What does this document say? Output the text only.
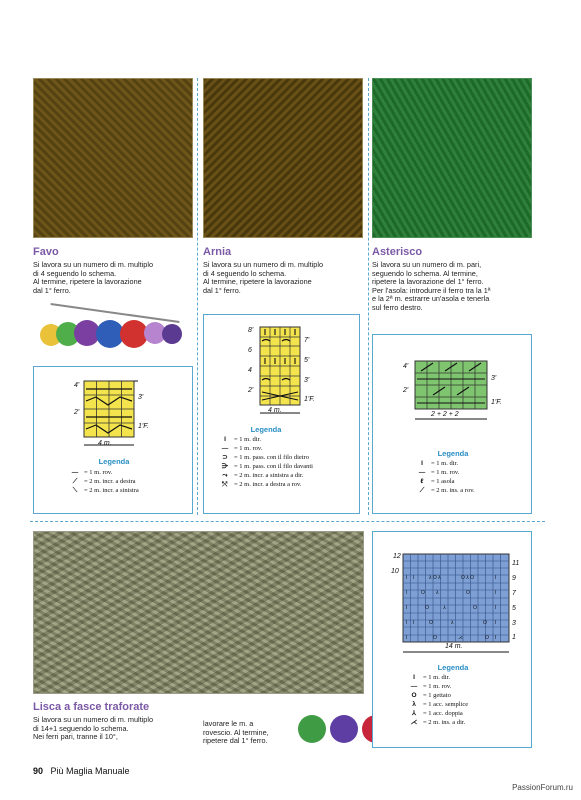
Favo
Si lavora su un numero di m. multiplo
di 4 seguendo lo schema.
Al termine, ripetere la lavorazione
dal 1° ferro.
4'
3'
2'
1'F.
4 m.
Legenda
— = 1 m. rov.
⟋ = 2 m. incr. a destra
⟍ = 2 m. incr. a sinistra
Arnia
Si lavora su un numero di m. multiplo
di 4 seguendo lo schema.
Al termine, ripetere la lavorazione
dal 1° ferro.
8'
7'
6
5'
4
3'
2'
1'F.
4 m.
Legenda
I = 1 m. dir.
— = 1 m. rov.
⊃ = 1 m. pass. con il filo dietro
⋺ = 1 m. pass. con il filo davanti
⤳ = 2 m. incr. a sinistra a dir.
⤲ = 2 m. incr. a destra a rov.
Asterisco
Si lavora su un numero di m. pari,
seguendo lo schema. Al termine,
ripetere la lavorazione del 1° ferro.
Per l'asola: introdurre il ferro tra la 1ª
e la 2ª m. estrarre un'asola e tenerla
sul ferro destro.
4'
3'
2'
1'F.
2 + 2 + 2
Legenda
I = 1 m. dir.
— = 1 m. rov.
ℓ = 1 asola
⟋ = 2 m. ins. a rov.
Lisca a fasce traforate
Si lavora su un numero di m. multiplo
di 14+1 seguendo lo schema.
Nei ferri pari, tranne il 10°,
lavorare le m. a
rovescio. Al termine,
ripetere dal 1° ferro.
I I	λ O λ	O λ O	I
I	O λ	O	I
I	O	⅄	O	I
I I	O	λ	O I
I	O	⋌	O I
12
11
10
9
7
5
3
1
14 m.
Legenda
I = 1 m. dir.
— = 1 m. rov.
O = 1 gettato
λ = 1 acc. semplice
⅄ = 1 acc. doppia
⋌ = 2 m. ins. a dir.
90 Più Maglia Manuale
PassionForum.ru
